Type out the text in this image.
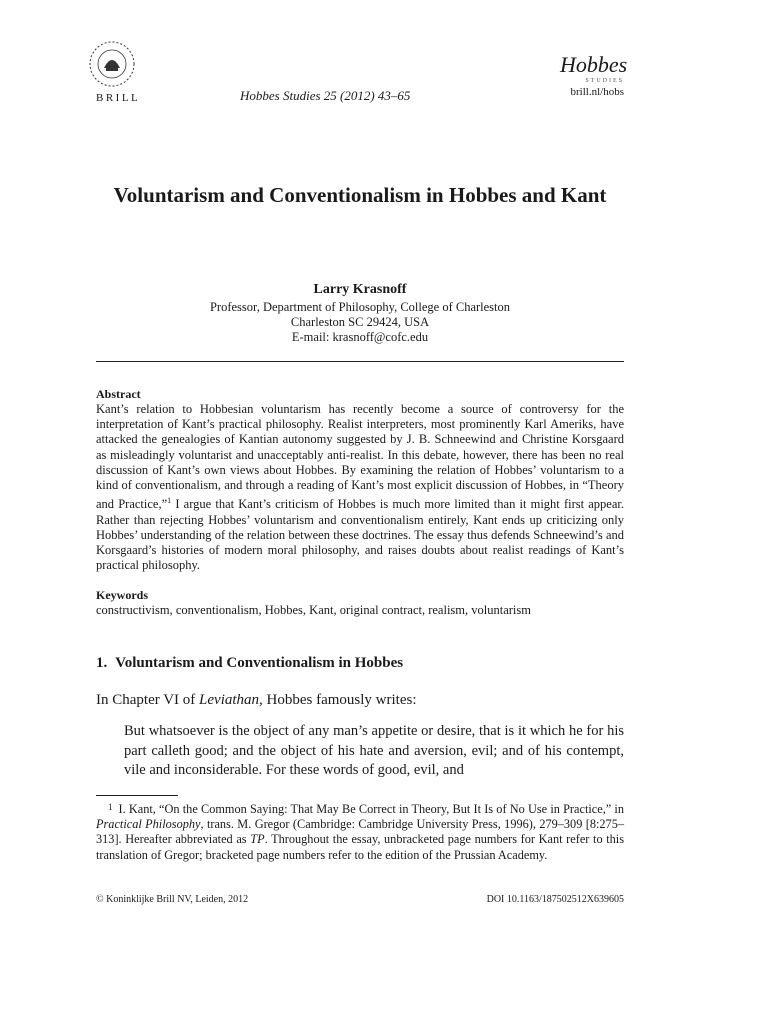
BRILL	Hobbes Studies 25 (2012) 43–65
Hobbes
STUDIES
brill.nl/hobs
Voluntarism and Conventionalism in Hobbes and Kant
Larry Krasnoff
Professor, Department of Philosophy, College of Charleston
Charleston SC 29424, USA
E-mail: krasnoff@cofc.edu
Abstract
Kant’s relation to Hobbesian voluntarism has recently become a source of controversy for the interpretation of Kant’s practical philosophy. Realist interpreters, most prominently Karl Ameriks, have attacked the genealogies of Kantian autonomy suggested by J. B. Schneewind and Christine Korsgaard as misleadingly voluntarist and unacceptably anti-realist. In this debate, however, there has been no real discussion of Kant’s own views about Hobbes. By examining the relation of Hobbes’ voluntarism to a kind of conventionalism, and through a reading of Kant’s most explicit discussion of Hobbes, in “Theory and Practice,”$^1$ I argue that Kant’s criticism of Hobbes is much more limited than it might first appear. Rather than rejecting Hobbes’ voluntarism and conventionalism entirely, Kant ends up criticizing only Hobbes’ understanding of the relation between these doctrines. The essay thus defends Schneewind’s and Korsgaard’s histories of modern moral philosophy, and raises doubts about realist readings of Kant’s practical philosophy.
Keywords
constructivism, conventionalism, Hobbes, Kant, original contract, realism, voluntarism
1. Voluntarism and Conventionalism in Hobbes
In Chapter VI of Leviathan, Hobbes famously writes:
But whatsoever is the object of any man’s appetite or desire, that is it which he for his part calleth good; and the object of his hate and aversion, evil; and of his contempt, vile and inconsiderable. For these words of good, evil, and
1 I. Kant, “On the Common Saying: That May Be Correct in Theory, But It Is of No Use in Practice,” in Practical Philosophy, trans. M. Gregor (Cambridge: Cambridge University Press, 1996), 279–309 [8:275–313]. Hereafter abbreviated as TP. Throughout the essay, unbracketed page numbers for Kant refer to this translation of Gregor; bracketed page numbers refer to the edition of the Prussian Academy.
© Koninklijke Brill NV, Leiden, 2012	DOI 10.1163/187502512X639605
